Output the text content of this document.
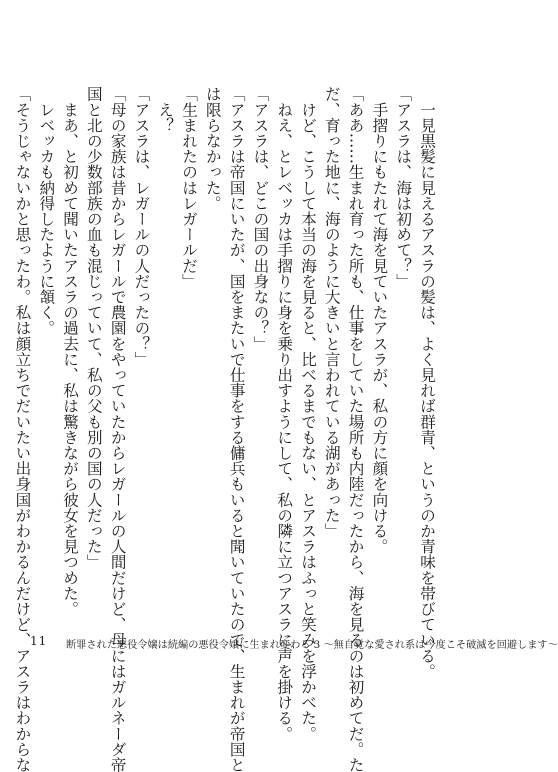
　一見黒髪に見えるアスラの髪は、よく見れば群青、というのか青味を帯びている。
「アスラは、海は初めて？」
　手摺りにもたれて海を見ていたアスラが、私の方に顔を向ける。
「ああ……生まれ育った所も、仕事をしていた場所も内陸だったから、海を見るのは初めてだ。た
だ、育った地に、海のように大きいと言われている湖があった」
　けど、こうして本当の海を見ると、比べるまでもない、とアスラはふっと笑みを浮かべた。
　ねえ、とレベッカは手摺りに身を乗り出すようにして、私の隣に立つアスラに声を掛ける。
「アスラは、どこの国の出身なの？」
「アスラは帝国にいたが、国をまたいで仕事をする傭兵もいると聞いていたので、生まれが帝国と
は限らなかった。
「生まれたのはレガールだ」
　え？
「アスラは、レガールの人だったの？」
「母の家族は昔からレガールで農園をやっていたからレガールの人間だけど、母にはガルネーダ帝
国と北の少数部族の血も混じっていて、私の父も別の国の人だった」
　まあ、と初めて聞いたアスラの過去に、私は驚きながら彼女を見つめた。
　レベッカも納得したように頷く。
「そうじゃないかと思ったわ。私は顔立ちでだいたい出身国がわかるんだけど、アスラはわからな
11 断罪された悪役令嬢は続編の悪役令嬢に生まれ変わる 3 〜無自覚な愛され系は今度こそ破滅を回避します〜
